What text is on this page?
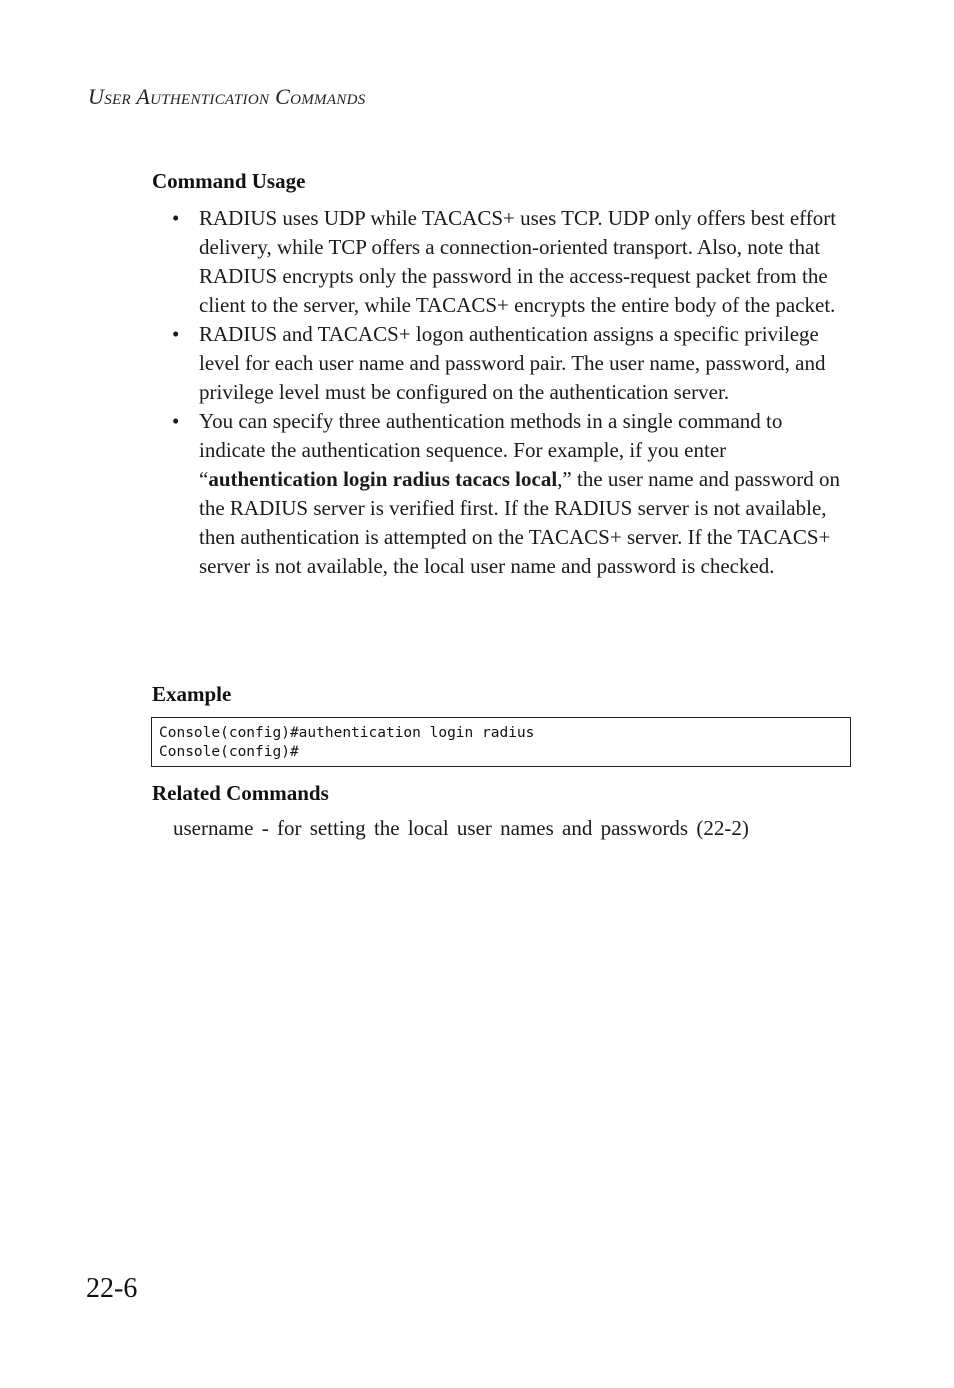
USER AUTHENTICATION COMMANDS
Command Usage
• RADIUS uses UDP while TACACS+ uses TCP. UDP only offers best effort delivery, while TCP offers a connection-oriented transport. Also, note that RADIUS encrypts only the password in the access-request packet from the client to the server, while TACACS+ encrypts the entire body of the packet.
• RADIUS and TACACS+ logon authentication assigns a specific privilege level for each user name and password pair. The user name, password, and privilege level must be configured on the authentication server.
• You can specify three authentication methods in a single command to indicate the authentication sequence. For example, if you enter “authentication login radius tacacs local,” the user name and password on the RADIUS server is verified first. If the RADIUS server is not available, then authentication is attempted on the TACACS+ server. If the TACACS+ server is not available, the local user name and password is checked.
Example
Console(config)#authentication login radius
Console(config)#
Related Commands
username - for setting the local user names and passwords (22-2)
22-6
